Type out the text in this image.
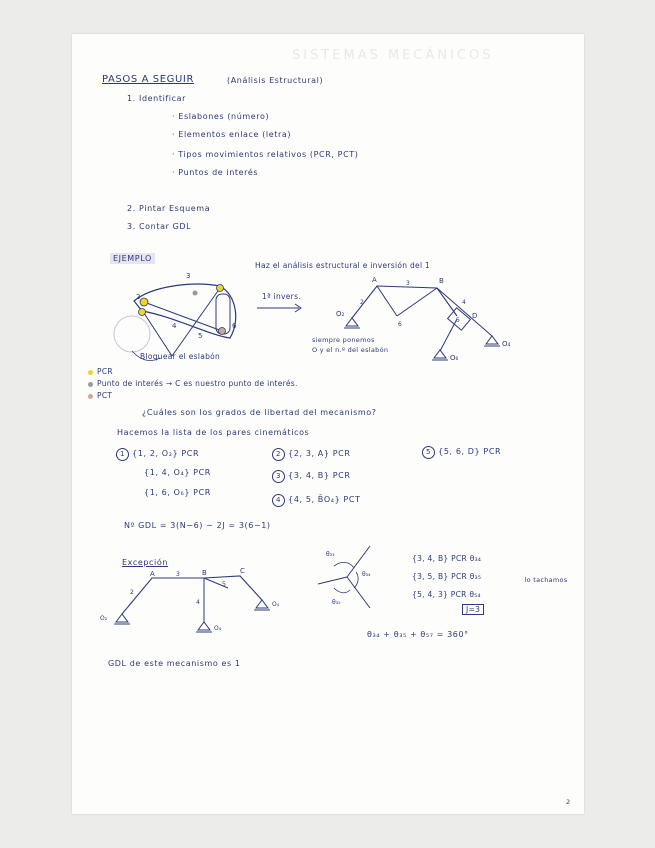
SISTEMAS MECÁNICOS
PASOS A SEGUIR	(Análisis Estructural)
1. Identificar
· Eslabones (número)
· Elementos enlace (letra)
· Tipos movimientos relativos (PCR, PCT)
· Puntos de interés
2. Pintar Esquema
3. Contar GDL
EJEMPLO
Haz el análisis estructural e inversión del 1
2
3
4
5
6
Bloquear el eslabón
1ª invers.
A	B
D
O₂
O₄
O₆
2
3
4
5
6
siempre ponemos
O y el n.º del eslabón
PCR
Punto de interés → C es nuestro punto de interés.
PCT
¿Cuáles son los grados de libertad del mecanismo?
Hacemos la lista de los pares cinemáticos
1 {1, 2, O₂} PCR
{1, 4, O₄} PCR
{1, 6, O₆} PCR
2 {2, 3, A} PCR
3 {3, 4, B} PCR
4 {4, 5, B̄O₄} PCT
5 {5, 6, D} PCR
Nº GDL = 3(N−6) − 2J = 3(6−1)
Excepción
A	B	C
O₂
O₄
O₄
2
3
4
5
θ₃₃
θ₃₄
θ₃₅
{3, 4, B} PCR θ₃₄
{3, 5, B} PCR θ₃₅
{5, 4, 3} PCR θ₅₄
J=3
lo tachamos
θ₃₄ + θ₃₅ + θ₅₇ = 360°
GDL de este mecanismo es 1
2
